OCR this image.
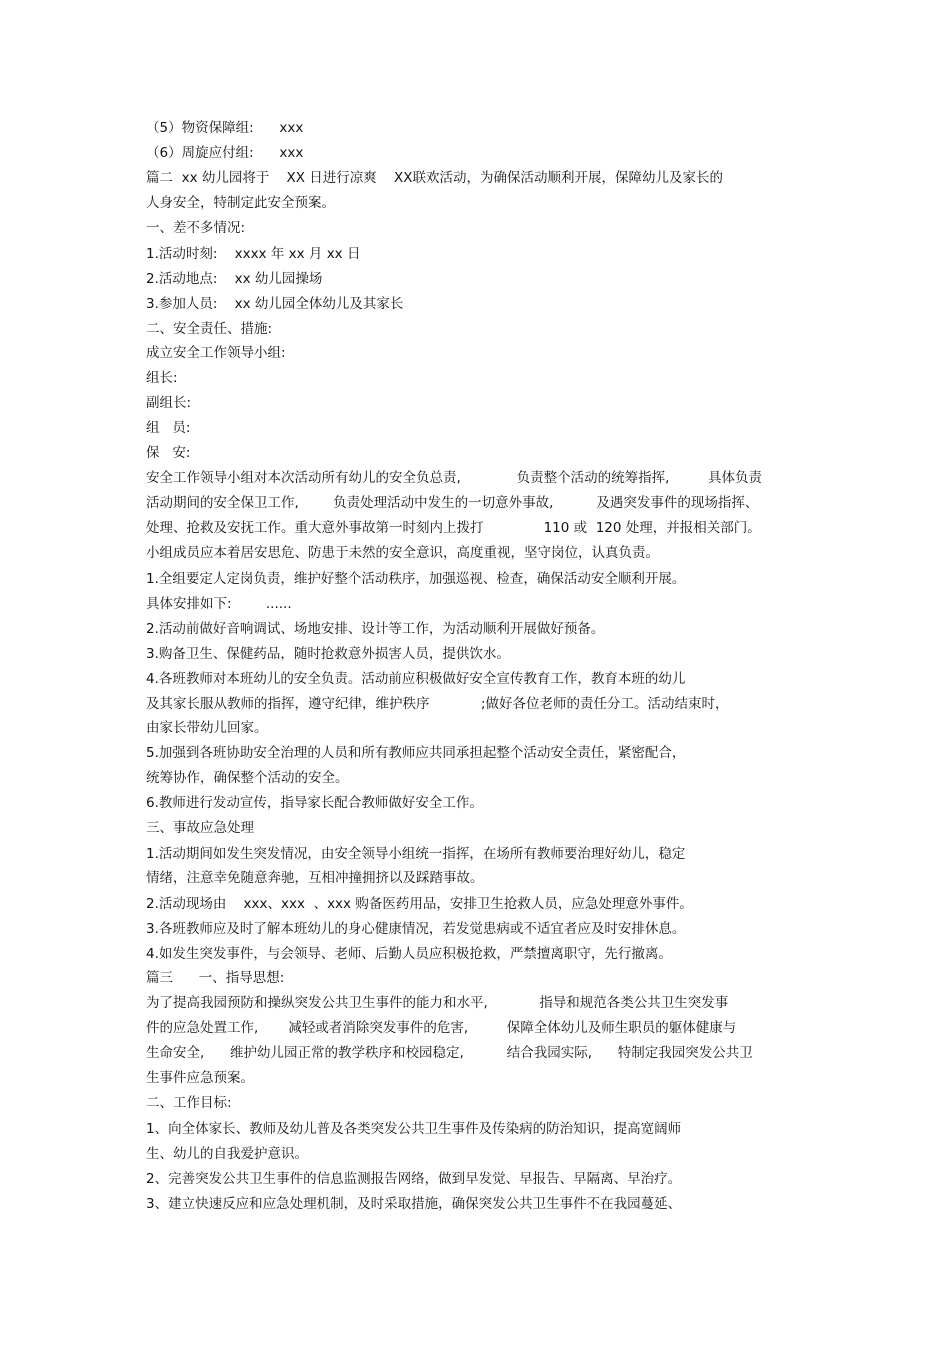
（5）物资保障组:      xxx
（6）周旋应付组:      xxx
篇二  xx 幼儿园将于    XX 日进行凉爽    XX联欢活动，为确保活动顺利开展，保障幼儿及家长的
人身安全，特制定此安全预案。
一、差不多情况:
1.活动时刻:    xxxx 年 xx 月 xx 日
2.活动地点:    xx 幼儿园操场
3.参加人员:    xx 幼儿园全体幼儿及其家长
二、安全责任、措施:
成立安全工作领导小组:
组长:
副组长:
组   员:
保   安:
安全工作领导小组对本次活动所有幼儿的安全负总责,             负责整个活动的统筹指挥,         具体负责
活动期间的安全保卫工作,        负责处理活动中发生的一切意外事故,          及遇突发事件的现场指挥、
处理、抢救及安抚工作。重大意外事故第一时刻内上拨打              110 或  120 处理，并报相关部门。
小组成员应本着居安思危、防患于未然的安全意识，高度重视，坚守岗位，认真负责。
1.全组要定人定岗负责，维护好整个活动秩序，加强巡视、检查，确保活动安全顺利开展。
具体安排如下:        ......
2.活动前做好音响调试、场地安排、设计等工作，为活动顺利开展做好预备。
3.购备卫生、保健药品，随时抢救意外损害人员，提供饮水。
4.各班教师对本班幼儿的安全负责。活动前应积极做好安全宣传教育工作，教育本班的幼儿
及其家长服从教师的指挥，遵守纪律，维护秩序            ;做好各位老师的责任分工。活动结束时，
由家长带幼儿回家。
5.加强到各班协助安全治理的人员和所有教师应共同承担起整个活动安全责任，紧密配合，
统筹协作，确保整个活动的安全。
6.教师进行发动宣传，指导家长配合教师做好安全工作。
三、事故应急处理
1.活动期间如发生突发情况，由安全领导小组统一指挥，在场所有教师要治理好幼儿，稳定
情绪，注意幸免随意奔驰，互相冲撞拥挤以及踩踏事故。
2.活动现场由    xxx、xxx  、xxx 购备医药用品，安排卫生抢救人员，应急处理意外事件。
3.各班教师应及时了解本班幼儿的身心健康情况，若发觉患病或不适宜者应及时安排休息。
4.如发生突发事件，与会领导、老师、后勤人员应积极抢救，严禁擅离职守，先行撤离。
篇三      一、指导思想:
为了提高我园预防和操纵突发公共卫生事件的能力和水平,            指导和规范各类公共卫生突发事
件的应急处置工作,       减轻或者消除突发事件的危害,         保障全体幼儿及师生职员的躯体健康与
生命安全,      维护幼儿园正常的教学秩序和校园稳定,          结合我园实际,      特制定我园突发公共卫
生事件应急预案。
二、工作目标:
1、向全体家长、教师及幼儿普及各类突发公共卫生事件及传染病的防治知识，提高宽阔师
生、幼儿的自我爱护意识。
2、完善突发公共卫生事件的信息监测报告网络，做到早发觉、早报告、早隔离、早治疗。
3、建立快速反应和应急处理机制，及时采取措施，确保突发公共卫生事件不在我园蔓延、
